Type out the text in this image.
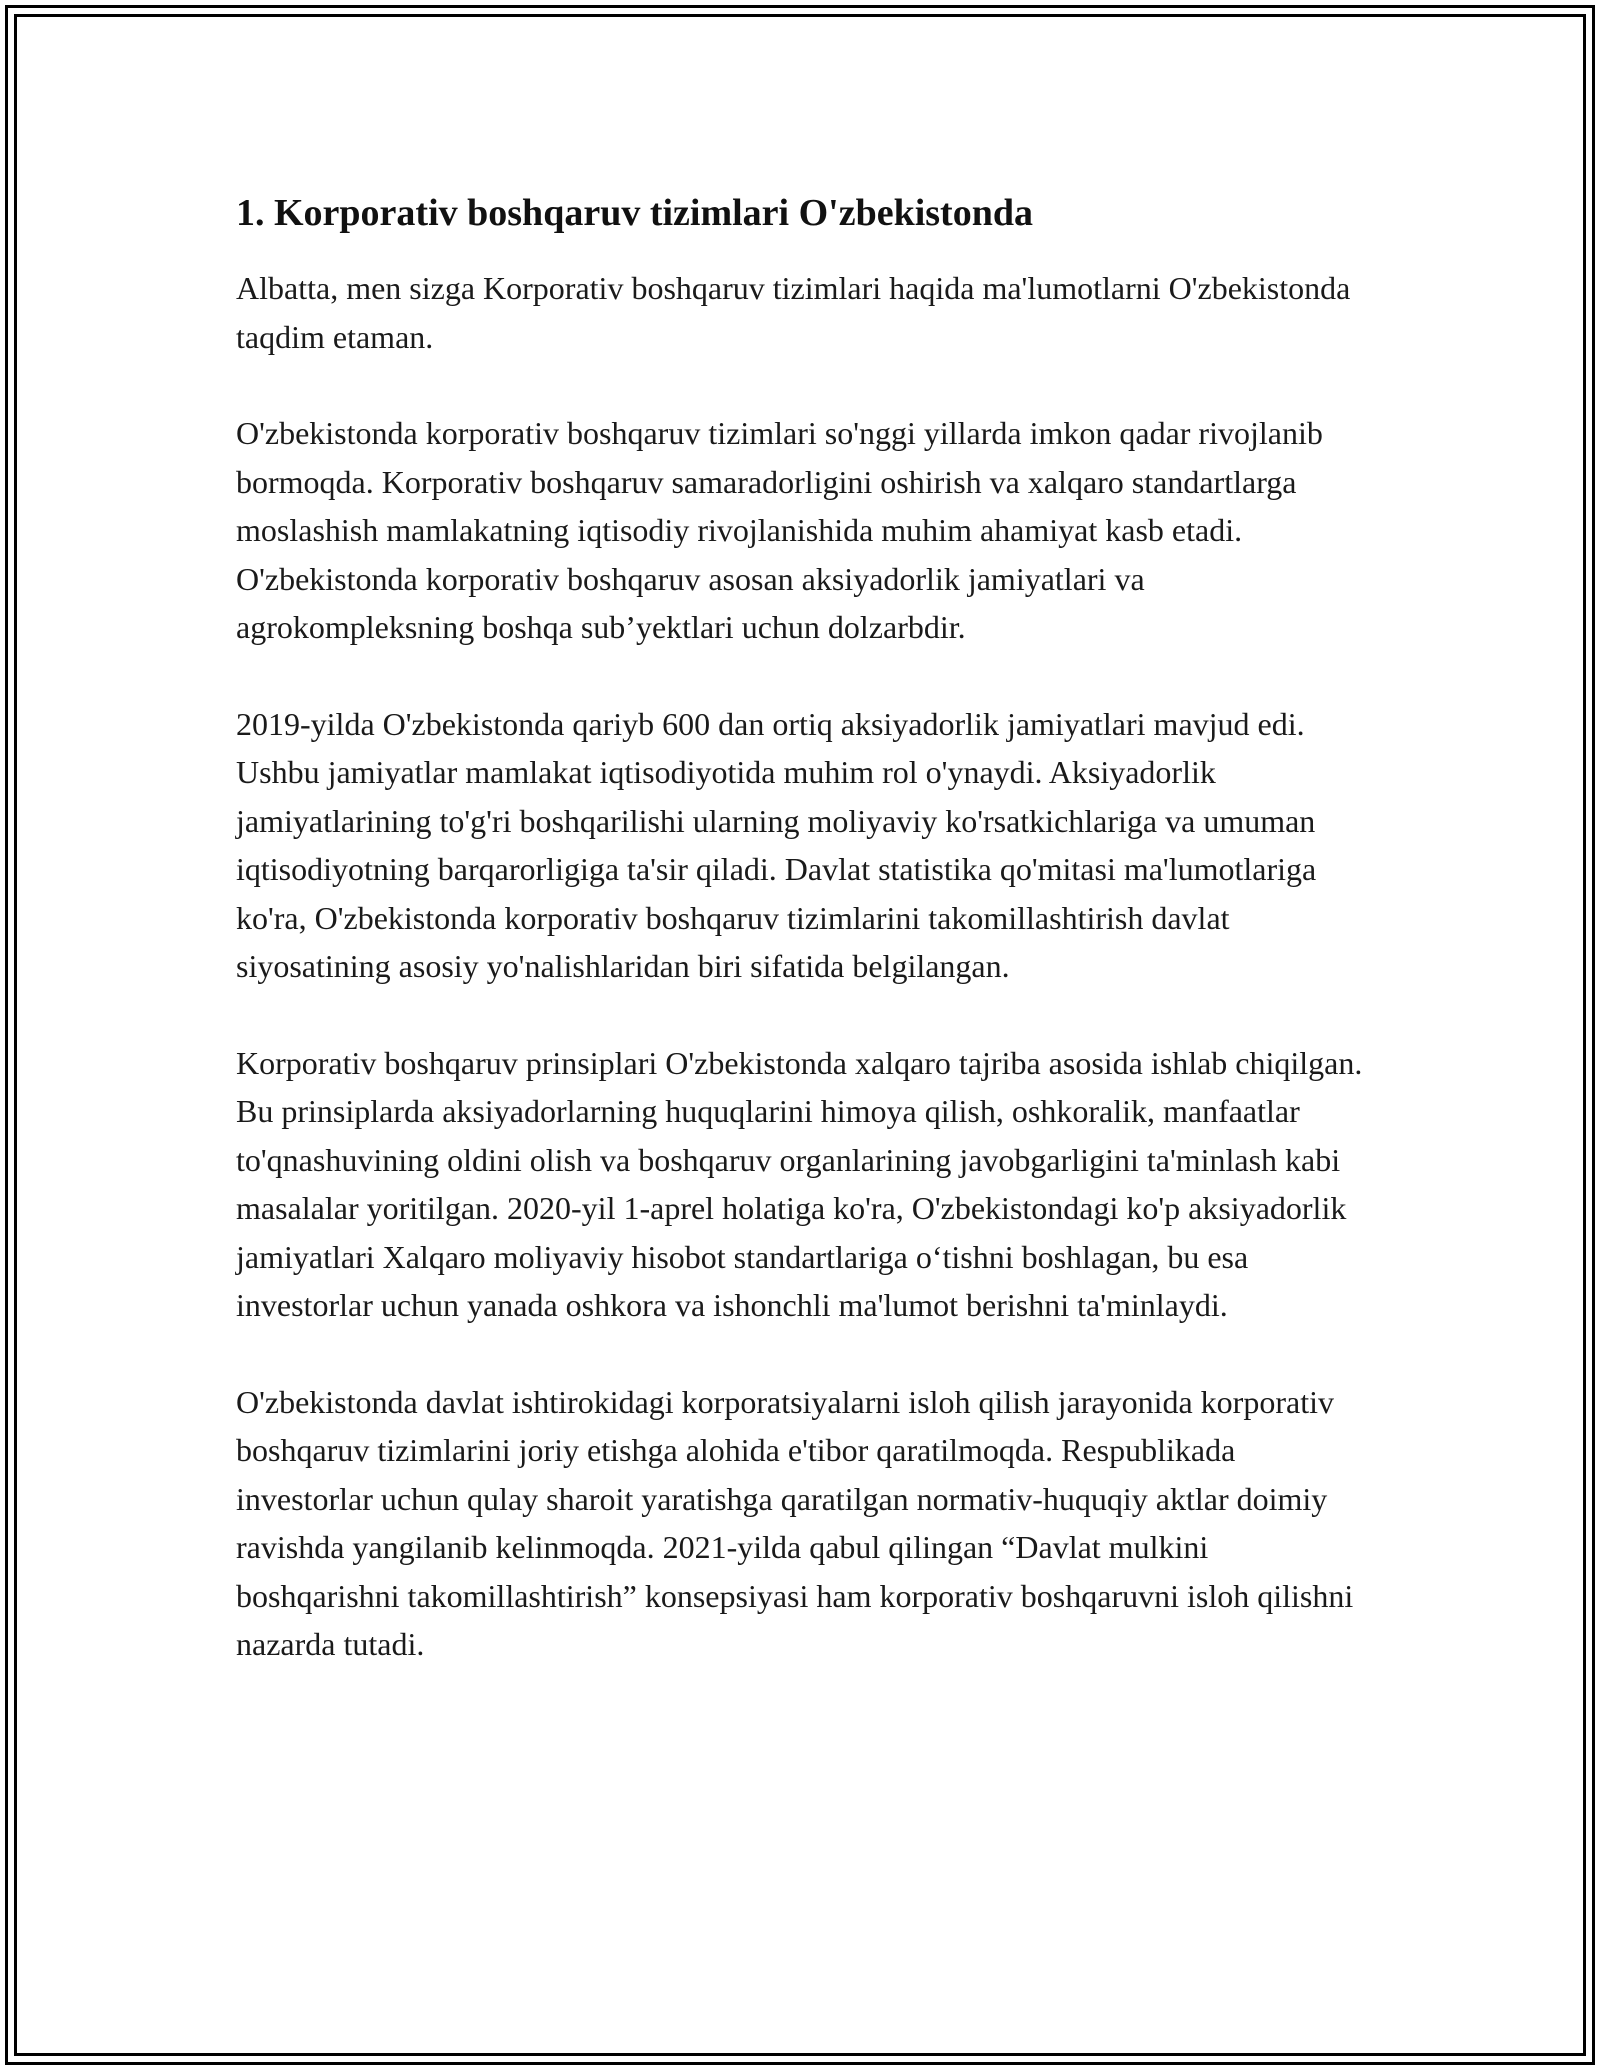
1. Korporativ boshqaruv tizimlari O'zbekistonda

Albatta, men sizga Korporativ boshqaruv tizimlari haqida ma'lumotlarni O'zbekistonda taqdim etaman.

O'zbekistonda korporativ boshqaruv tizimlari so'nggi yillarda imkon qadar rivojlanib bormoqda. Korporativ boshqaruv samaradorligini oshirish va xalqaro standartlarga moslashish mamlakatning iqtisodiy rivojlanishida muhim ahamiyat kasb etadi. O'zbekistonda korporativ boshqaruv asosan aksiyadorlik jamiyatlari va agrokompleksning boshqa sub’yektlari uchun dolzarbdir.

2019-yilda O'zbekistonda qariyb 600 dan ortiq aksiyadorlik jamiyatlari mavjud edi. Ushbu jamiyatlar mamlakat iqtisodiyotida muhim rol o'ynaydi. Aksiyadorlik jamiyatlarining to'g'ri boshqarilishi ularning moliyaviy ko'rsatkichlariga va umuman iqtisodiyotning barqarorligiga ta'sir qiladi. Davlat statistika qo'mitasi ma'lumotlariga ko'ra, O'zbekistonda korporativ boshqaruv tizimlarini takomillashtirish davlat siyosatining asosiy yo'nalishlaridan biri sifatida belgilangan.

Korporativ boshqaruv prinsiplari O'zbekistonda xalqaro tajriba asosida ishlab chiqilgan. Bu prinsiplarda aksiyadorlarning huquqlarini himoya qilish, oshkoralik, manfaatlar to'qnashuvining oldini olish va boshqaruv organlarining javobgarligini ta'minlash kabi masalalar yoritilgan. 2020-yil 1-aprel holatiga ko'ra, O'zbekistondagi ko'p aksiyadorlik jamiyatlari Xalqaro moliyaviy hisobot standartlariga o‘tishni boshlagan, bu esa investorlar uchun yanada oshkora va ishonchli ma'lumot berishni ta'minlaydi.

O'zbekistonda davlat ishtirokidagi korporatsiyalarni isloh qilish jarayonida korporativ boshqaruv tizimlarini joriy etishga alohida e'tibor qaratilmoqda. Respublikada investorlar uchun qulay sharoit yaratishga qaratilgan normativ-huquqiy aktlar doimiy ravishda yangilanib kelinmoqda. 2021-yilda qabul qilingan “Davlat mulkini boshqarishni takomillashtirish” konsepsiyasi ham korporativ boshqaruvni isloh qilishni nazarda tutadi.
